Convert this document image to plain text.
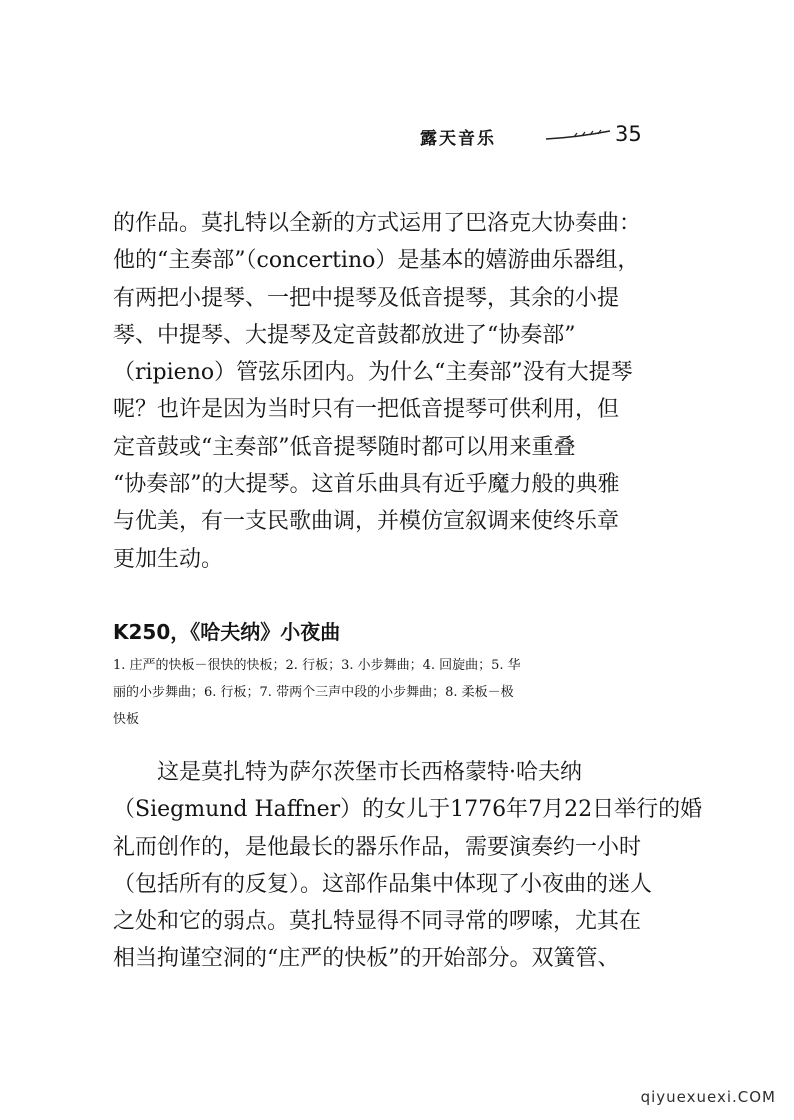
露天音乐	35
的作品。莫扎特以全新的方式运用了巴洛克大协奏曲：
他的“主奏部”（concertino）是基本的嬉游曲乐器组，
有两把小提琴、一把中提琴及低音提琴，其余的小提
琴、中提琴、大提琴及定音鼓都放进了“协奏部”
（ripieno）管弦乐团内。为什么“主奏部”没有大提琴
呢？也许是因为当时只有一把低音提琴可供利用，但
定音鼓或“主奏部”低音提琴随时都可以用来重叠
“协奏部”的大提琴。这首乐曲具有近乎魔力般的典雅
与优美，有一支民歌曲调，并模仿宣叙调来使终乐章
更加生动。
K250，《哈夫纳》小夜曲
1. 庄严的快板－很快的快板；2. 行板；3. 小步舞曲；4. 回旋曲；5. 华
丽的小步舞曲；6. 行板；7. 带两个三声中段的小步舞曲；8. 柔板－极
快板
　　这是莫扎特为萨尔茨堡市长西格蒙特·哈夫纳
（Siegmund Haffner）的女儿于1776年7月22日举行的婚
礼而创作的，是他最长的器乐作品，需要演奏约一小时
（包括所有的反复）。这部作品集中体现了小夜曲的迷人
之处和它的弱点。莫扎特显得不同寻常的啰嗦，尤其在
相当拘谨空洞的“庄严的快板”的开始部分。双簧管、
qiyuexuexi.COM
